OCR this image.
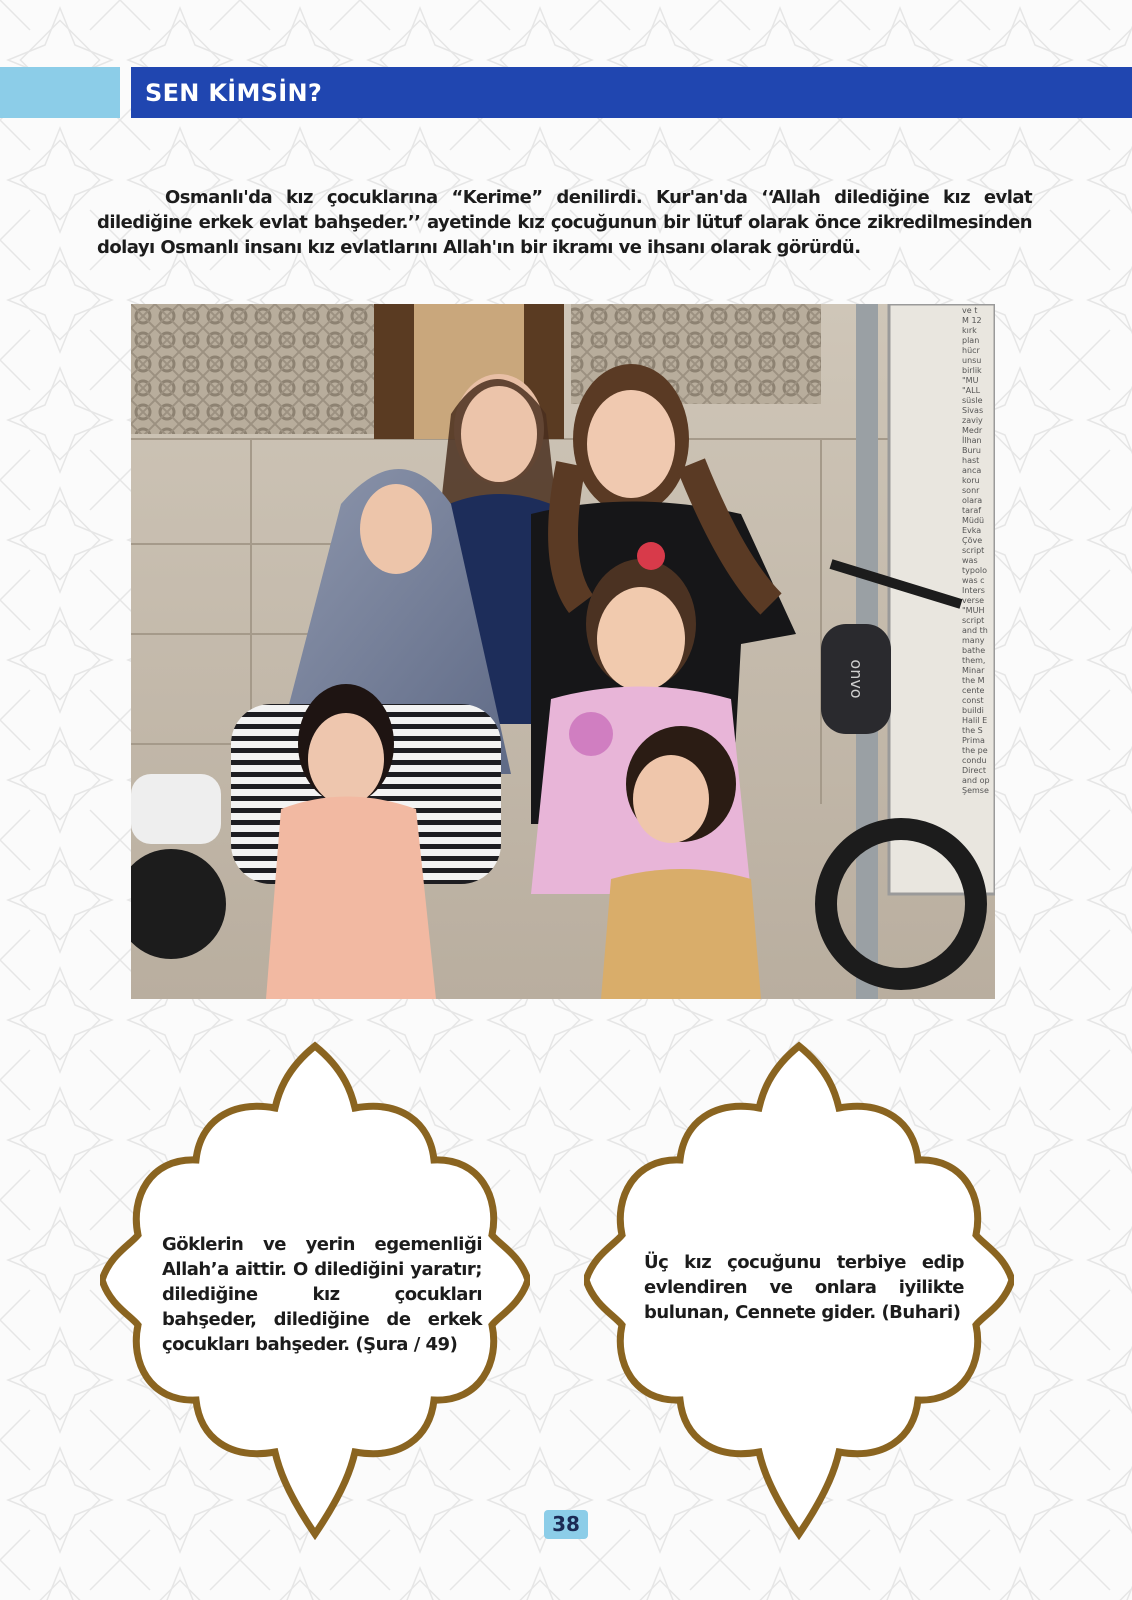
SEN KİMSİN?

Osmanlı'da kız çocuklarına “Kerime” denilirdi. Kur'an'da ‘‘Allah dilediğine kız evlat dilediğine erkek evlat bahşeder.’’ ayetinde kız çocuğunun bir lütuf olarak önce zikredilmesinden dolayı Osmanlı insanı kız evlatlarını Allah'ın bir ikramı ve ihsanı olarak görürdü.

onvo
ve t
M 12
kırk
plan
hücr
unsu
birlik
"MU
"ALL
süsle
Sivas
zaviy
Medr
İlhan
Buru
hast
anca
koru
sonr
olara
taraf
Müdü
Evka
Çöve
script
was
typolo
was c
Inters
verse
"MUH
script
and th
many
bathe
them,
Minar
the M
cente
const
buildi
Halil E
the S
Prima
the pe
condu
Direct
and op
Şemse

Göklerin ve yerin egemenliği Allah’a aittir. O dilediğini yaratır; dilediğine kız çocukları bahşeder, dilediğine de erkek çocukları bahşeder. (Şura / 49)

Üç kız çocuğunu terbiye edip evlendiren ve onlara iyilikte bulunan, Cennete gider. (Buhari)

38
